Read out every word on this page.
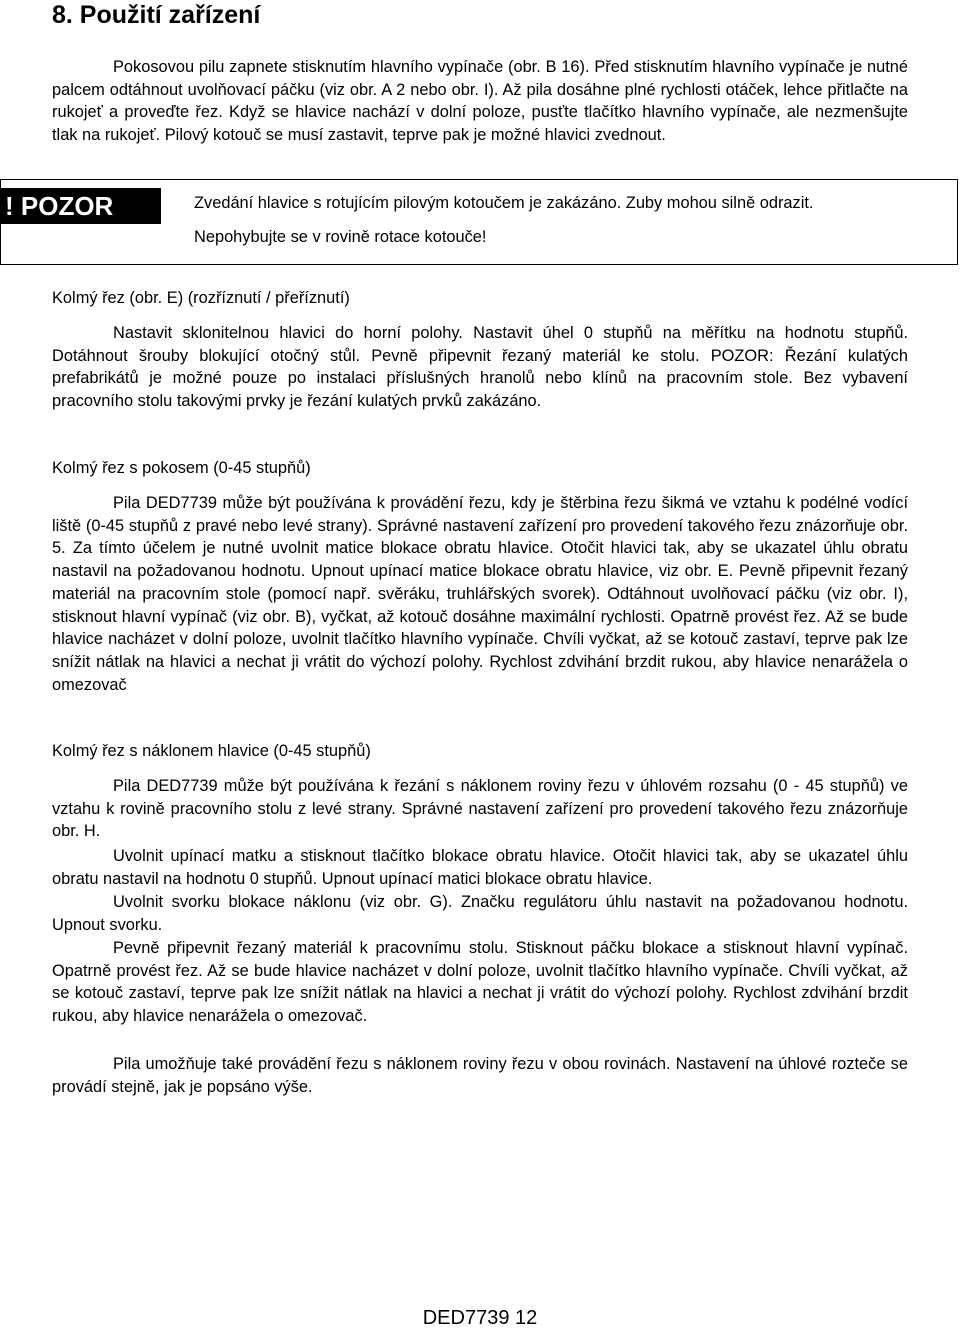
8. Použití zařízení

Pokosovou pilu zapnete stisknutím hlavního vypínače (obr. B 16). Před stisknutím hlavního vypínače je nutné palcem odtáhnout uvolňovací páčku (viz obr. A 2 nebo obr. I). Až pila dosáhne plné rychlosti otáček, lehce přitlačte na rukojeť a proveďte řez. Když se hlavice nachází v dolní poloze, pusťte tlačítko hlavního vypínače, ale nezmenšujte tlak na rukojeť. Pilový kotouč se musí zastavit, teprve pak je možné hlavici zvednout.

! POZOR	Zvedání hlavice s rotujícím pilovým kotoučem je zakázáno. Zuby mohou silně odrazit. Nepohybujte se v rovině rotace kotouče!

Kolmý řez (obr. E) (rozříznutí / přeříznutí)

Nastavit sklonitelnou hlavici do horní polohy. Nastavit úhel 0 stupňů na měřítku na hodnotu stupňů. Dotáhnout šrouby blokující otočný stůl. Pevně připevnit řezaný materiál ke stolu. POZOR: Řezání kulatých prefabrikátů je možné pouze po instalaci příslušných hranolů nebo klínů na pracovním stole. Bez vybavení pracovního stolu takovými prvky je řezání kulatých prvků zakázáno.

Kolmý řez s pokosem (0-45 stupňů)

Pila DED7739 může být používána k provádění řezu, kdy je štěrbina řezu šikmá ve vztahu k podélné vodící liště (0-45 stupňů z pravé nebo levé strany). Správné nastavení zařízení pro provedení takového řezu znázorňuje obr. 5. Za tímto účelem je nutné uvolnit matice blokace obratu hlavice. Otočit hlavici tak, aby se ukazatel úhlu obratu nastavil na požadovanou hodnotu. Upnout upínací matice blokace obratu hlavice, viz obr. E. Pevně připevnit řezaný materiál na pracovním stole (pomocí např. svěráku, truhlářských svorek). Odtáhnout uvolňovací páčku (viz obr. I), stisknout hlavní vypínač (viz obr. B), vyčkat, až kotouč dosáhne maximální rychlosti. Opatrně provést řez. Až se bude hlavice nacházet v dolní poloze, uvolnit tlačítko hlavního vypínače. Chvíli vyčkat, až se kotouč zastaví, teprve pak lze snížit nátlak na hlavici a nechat ji vrátit do výchozí polohy. Rychlost zdvihání brzdit rukou, aby hlavice nenarážela o omezovač

Kolmý řez s náklonem hlavice (0-45 stupňů)

Pila DED7739 může být používána k řezání s náklonem roviny řezu v úhlovém rozsahu (0 - 45 stupňů) ve vztahu k rovině pracovního stolu z levé strany. Správné nastavení zařízení pro provedení takového řezu znázorňuje obr. H.

Uvolnit upínací matku a stisknout tlačítko blokace obratu hlavice. Otočit hlavici tak, aby se ukazatel úhlu obratu nastavil na hodnotu 0 stupňů. Upnout upínací matici blokace obratu hlavice.

Uvolnit svorku blokace náklonu (viz obr. G). Značku regulátoru úhlu nastavit na požadovanou hodnotu. Upnout svorku.

Pevně připevnit řezaný materiál k pracovnímu stolu. Stisknout páčku blokace a stisknout hlavní vypínač. Opatrně provést řez. Až se bude hlavice nacházet v dolní poloze, uvolnit tlačítko hlavního vypínače. Chvíli vyčkat, až se kotouč zastaví, teprve pak lze snížit nátlak na hlavici a nechat ji vrátit do výchozí polohy. Rychlost zdvihání brzdit rukou, aby hlavice nenarážela o omezovač.

Pila umožňuje také provádění řezu s náklonem roviny řezu v obou rovinách. Nastavení na úhlové rozteče se provádí stejně, jak je popsáno výše.

DED7739 12
